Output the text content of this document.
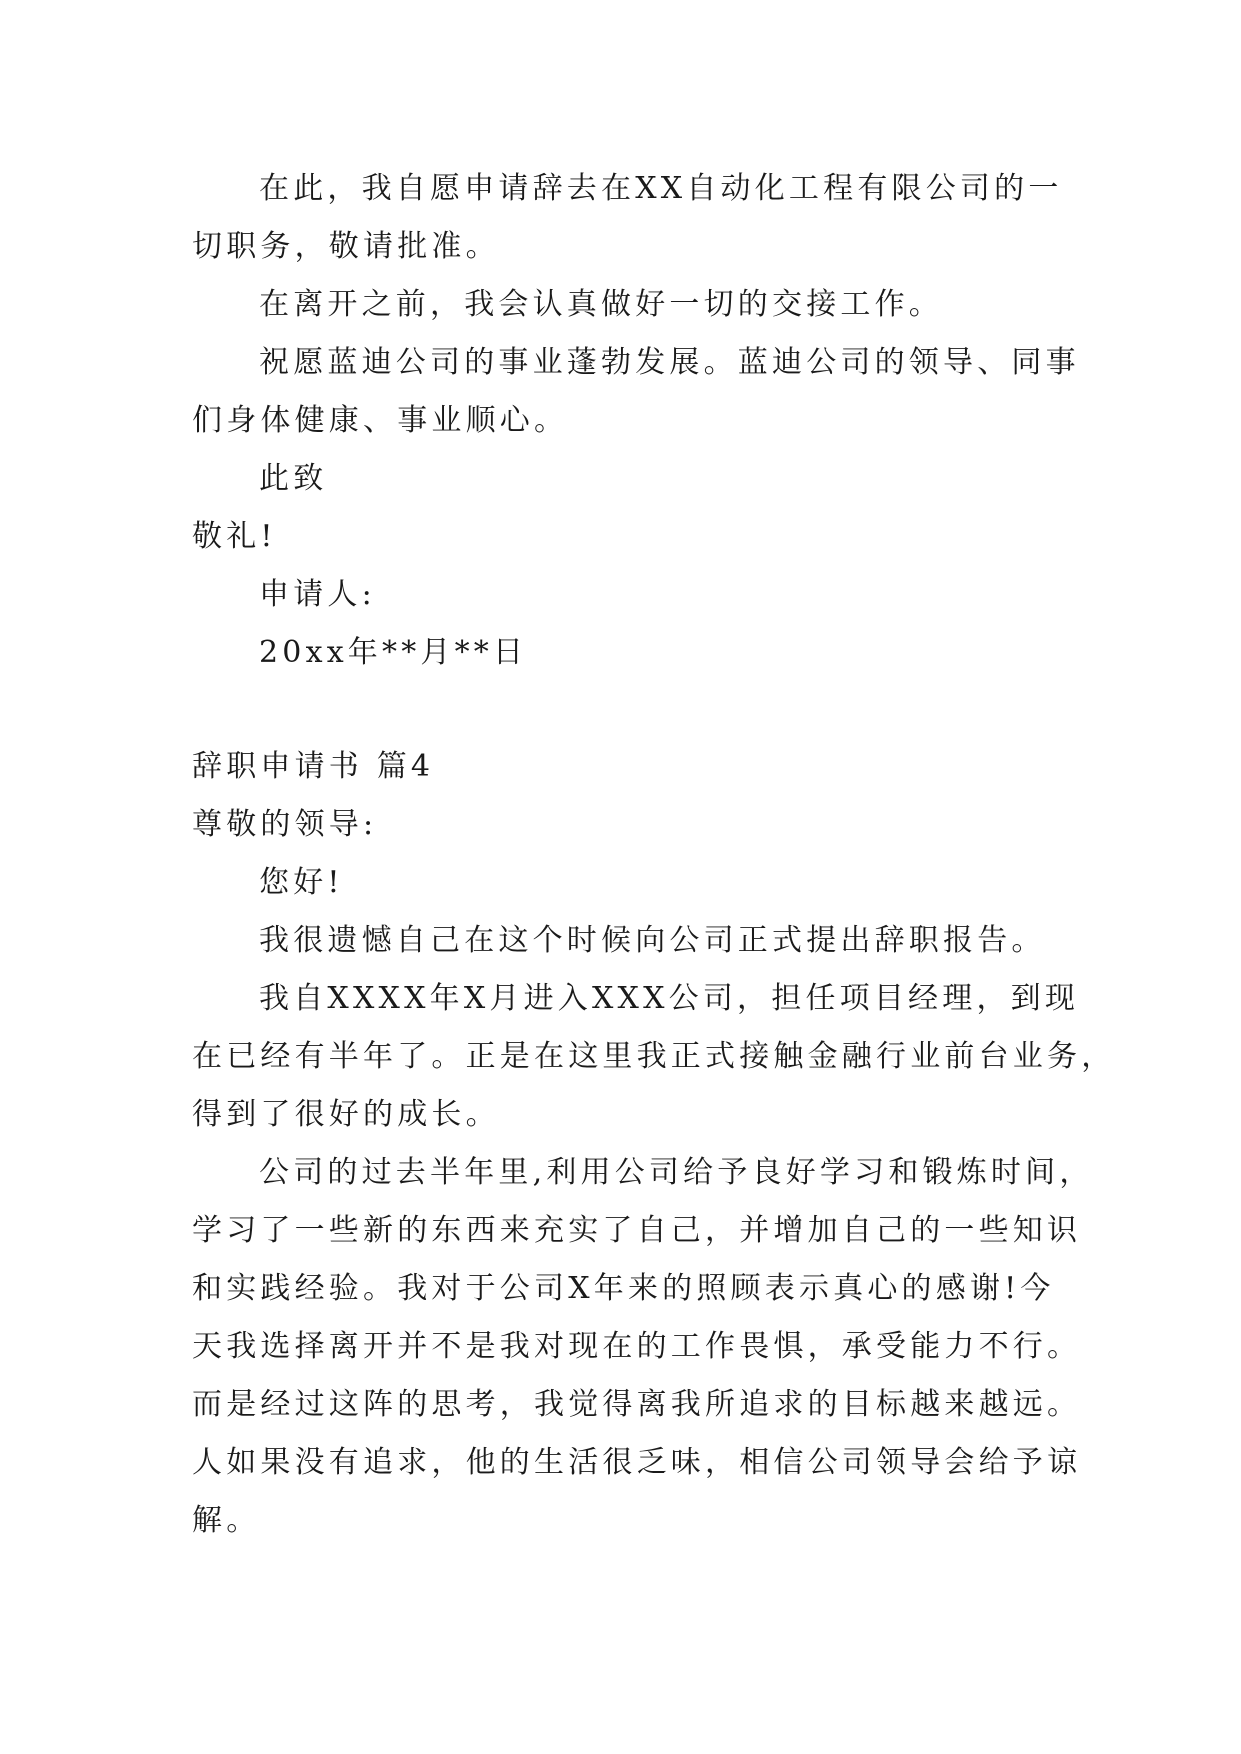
在此，我自愿申请辞去在XX自动化工程有限公司的一
切职务，敬请批准。
在离开之前，我会认真做好一切的交接工作。
祝愿蓝迪公司的事业蓬勃发展。蓝迪公司的领导、同事
们身体健康、事业顺心。
此致
敬礼!
申请人:
20xx年**月**日
辞职申请书 篇4
尊敬的领导:
您好!
我很遗憾自己在这个时候向公司正式提出辞职报告。
我自XXXX年X月进入XXX公司，担任项目经理，到现
在已经有半年了。正是在这里我正式接触金融行业前台业务，
得到了很好的成长。
公司的过去半年里,利用公司给予良好学习和锻炼时间，
学习了一些新的东西来充实了自己，并增加自己的一些知识
和实践经验。我对于公司X年来的照顾表示真心的感谢!今
天我选择离开并不是我对现在的工作畏惧，承受能力不行。
而是经过这阵的思考，我觉得离我所追求的目标越来越远。
人如果没有追求，他的生活很乏味，相信公司领导会给予谅
解。
